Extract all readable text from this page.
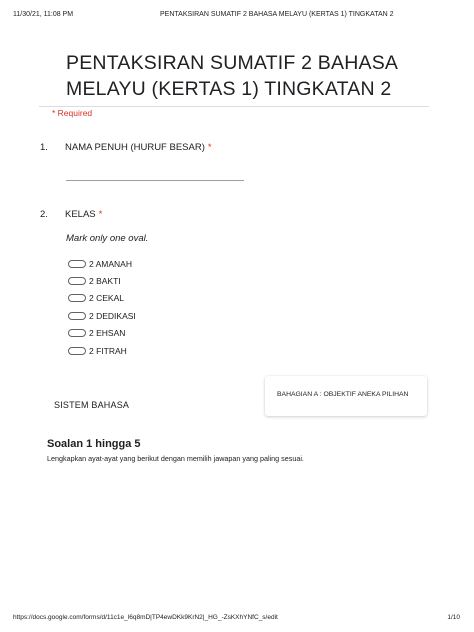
11/30/21, 11:08 PM	PENTAKSIRAN SUMATIF 2 BAHASA MELAYU (KERTAS 1) TINGKATAN 2
PENTAKSIRAN SUMATIF 2 BAHASA MELAYU (KERTAS 1) TINGKATAN 2
* Required
1.	NAMA PENUH (HURUF BESAR) *
2.	KELAS *
Mark only one oval.
2 AMANAH
2 BAKTI
2 CEKAL
2 DEDIKASI
2 EHSAN
2 FITRAH
SISTEM BAHASA
BAHAGIAN A : OBJEKTIF ANEKA PILIHAN
Soalan 1 hingga 5
Lengkapkan ayat-ayat yang berikut dengan memilih jawapan yang paling sesuai.
https://docs.google.com/forms/d/11c1e_l6q8mD|TP4ewDKk9KrN2|_HG_-ZsKXhYNfC_s/edit	1/10
